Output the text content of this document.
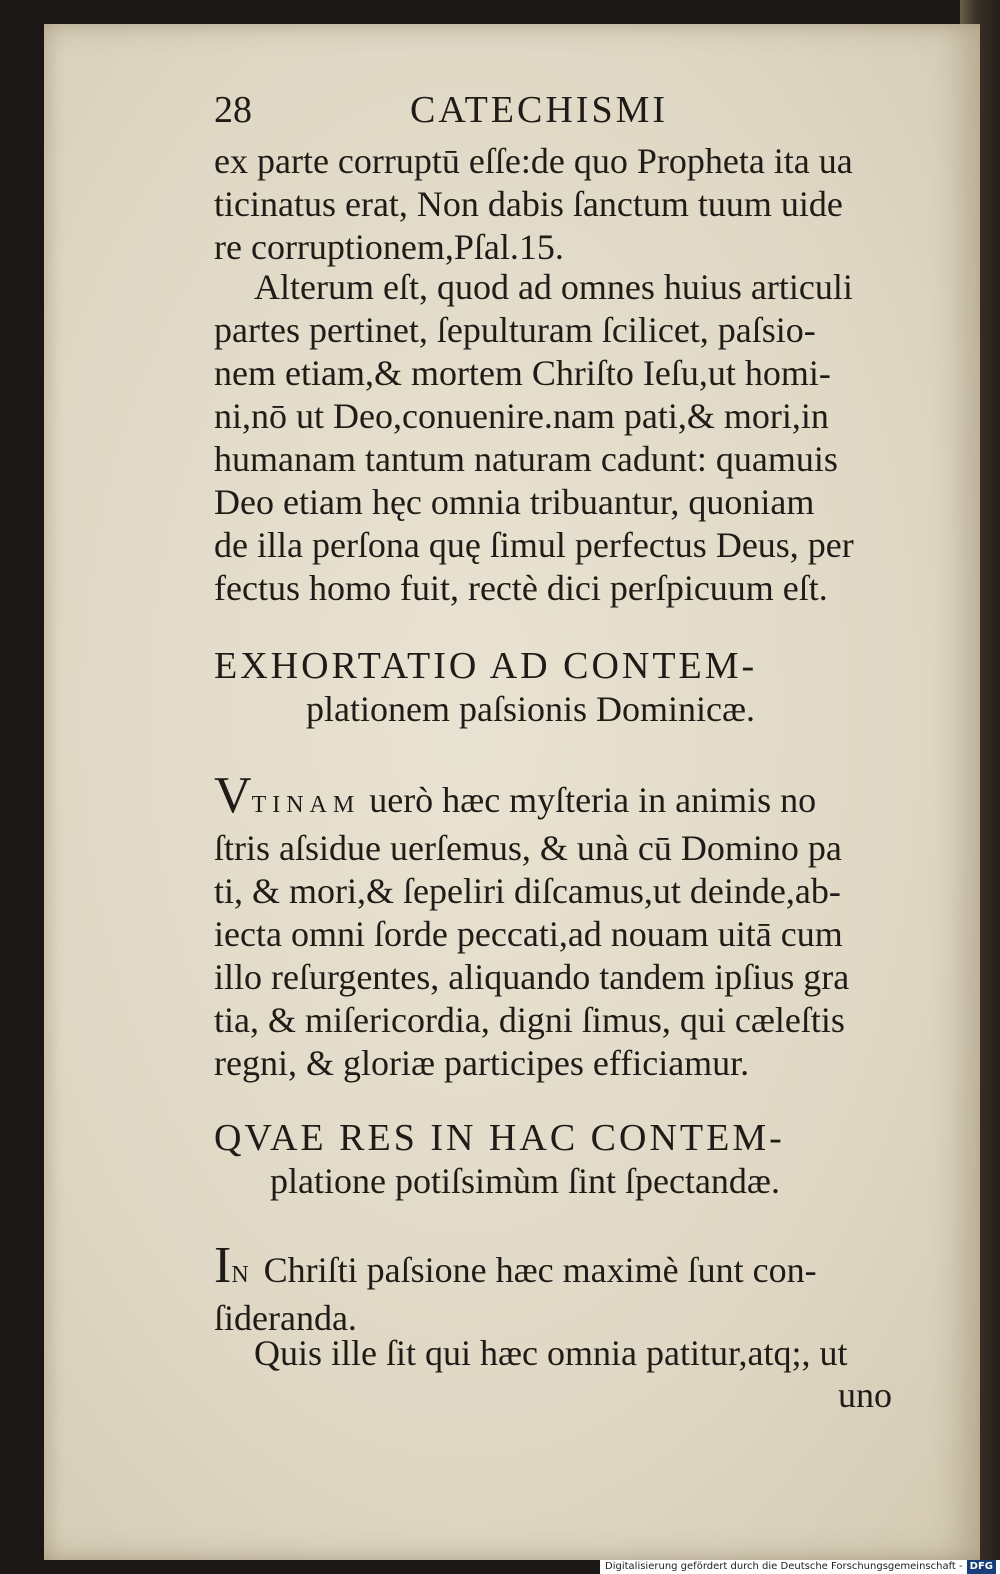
28	CATECHISMI
ex parte corruptū eſſe:de quo Propheta ita ua
ticinatus erat, Non dabis ſanctum tuum uide
re corruptionem,Pſal.15.
Alterum eſt, quod ad omnes huius articuli
partes pertinet, ſepulturam ſcilicet, paſsio-
nem etiam,& mortem Chriſto Ieſu,ut homi-
ni,nō ut Deo,conuenire.nam pati,& mori,in
humanam tantum naturam cadunt: quamuis
Deo etiam hęc omnia tribuantur, quoniam
de illa perſona quę ſimul perfectus Deus, per
fectus homo fuit, rectè dici perſpicuum eſt.
EXHORTATIO AD CONTEM-
plationem paſsionis Dominicæ.
VTINAM uerò hæc myſteria in animis no
ſtris aſsidue uerſemus, & unà cū Domino pa
ti, & mori,& ſepeliri diſcamus,ut deinde,ab-
iecta omni ſorde peccati,ad nouam uitā cum
illo reſurgentes, aliquando tandem ipſius gra
tia, & miſericordia, digni ſimus, qui cæleſtis
regni, & gloriæ participes efficiamur.
QVAE RES IN HAC CONTEM-
platione potiſsimùm ſint ſpectandæ.
IN Chriſti paſsione hæc maximè ſunt con-
ſideranda.
Quis ille ſit qui hæc omnia patitur,atq;, ut
uno
Digitalisierung gefördert durch die Deutsche Forschungsgemeinschaft - DFG
